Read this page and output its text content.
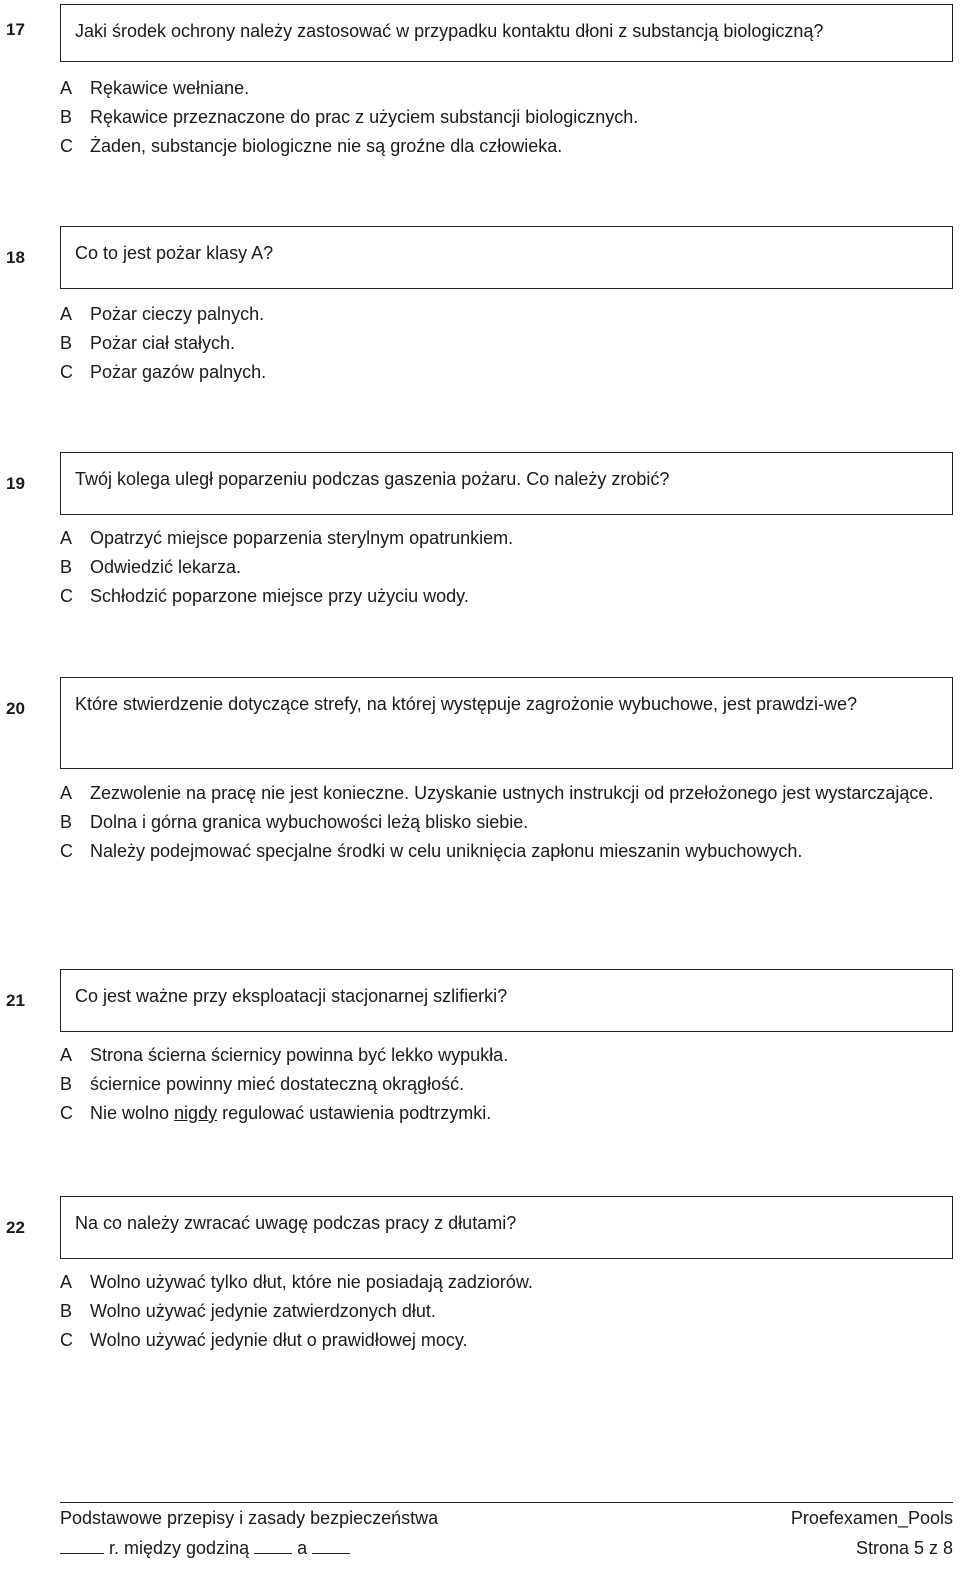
17	Jaki środek ochrony należy zastosować w przypadku kontaktu dłoni z substancją biologiczną?
A Rękawice wełniane.
B Rękawice przeznaczone do prac z użyciem substancji biologicznych.
C Żaden, substancje biologiczne nie są groźne dla człowieka.
18	Co to jest pożar klasy A?
A Pożar cieczy palnych.
B Pożar ciał stałych.
C Pożar gazów palnych.
19	Twój kolega uległ poparzeniu podczas gaszenia pożaru. Co należy zrobić?
A Opatrzyć miejsce poparzenia sterylnym opatrunkiem.
B Odwiedzić lekarza.
C Schłodzić poparzone miejsce przy użyciu wody.
20	Które stwierdzenie dotyczące strefy, na której występuje zagrożonie wybuchowe, jest prawdzi-we?
A Zezwolenie na pracę nie jest konieczne. Uzyskanie ustnych instrukcji od przełożonego jest wystarczające.
B Dolna i górna granica wybuchowości leżą blisko siebie.
C Należy podejmować specjalne środki w celu uniknięcia zapłonu mieszanin wybuchowych.
21	Co jest ważne przy eksploatacji stacjonarnej szlifierki?
A Strona ścierna ściernicy powinna być lekko wypukła.
B ściernice powinny mieć dostateczną okrągłość.
C Nie wolno nigdy regulować ustawienia podtrzymki.
22	Na co należy zwracać uwagę podczas pracy z dłutami?
A Wolno używać tylko dłut, które nie posiadają zadziorów.
B Wolno używać jedynie zatwierdzonych dłut.
C Wolno używać jedynie dłut o prawidłowej mocy.
Podstawowe przepisy i zasady bezpieczeństwa	Proefexamen_Pools
r. między godziną	a	Strona 5 z 8
